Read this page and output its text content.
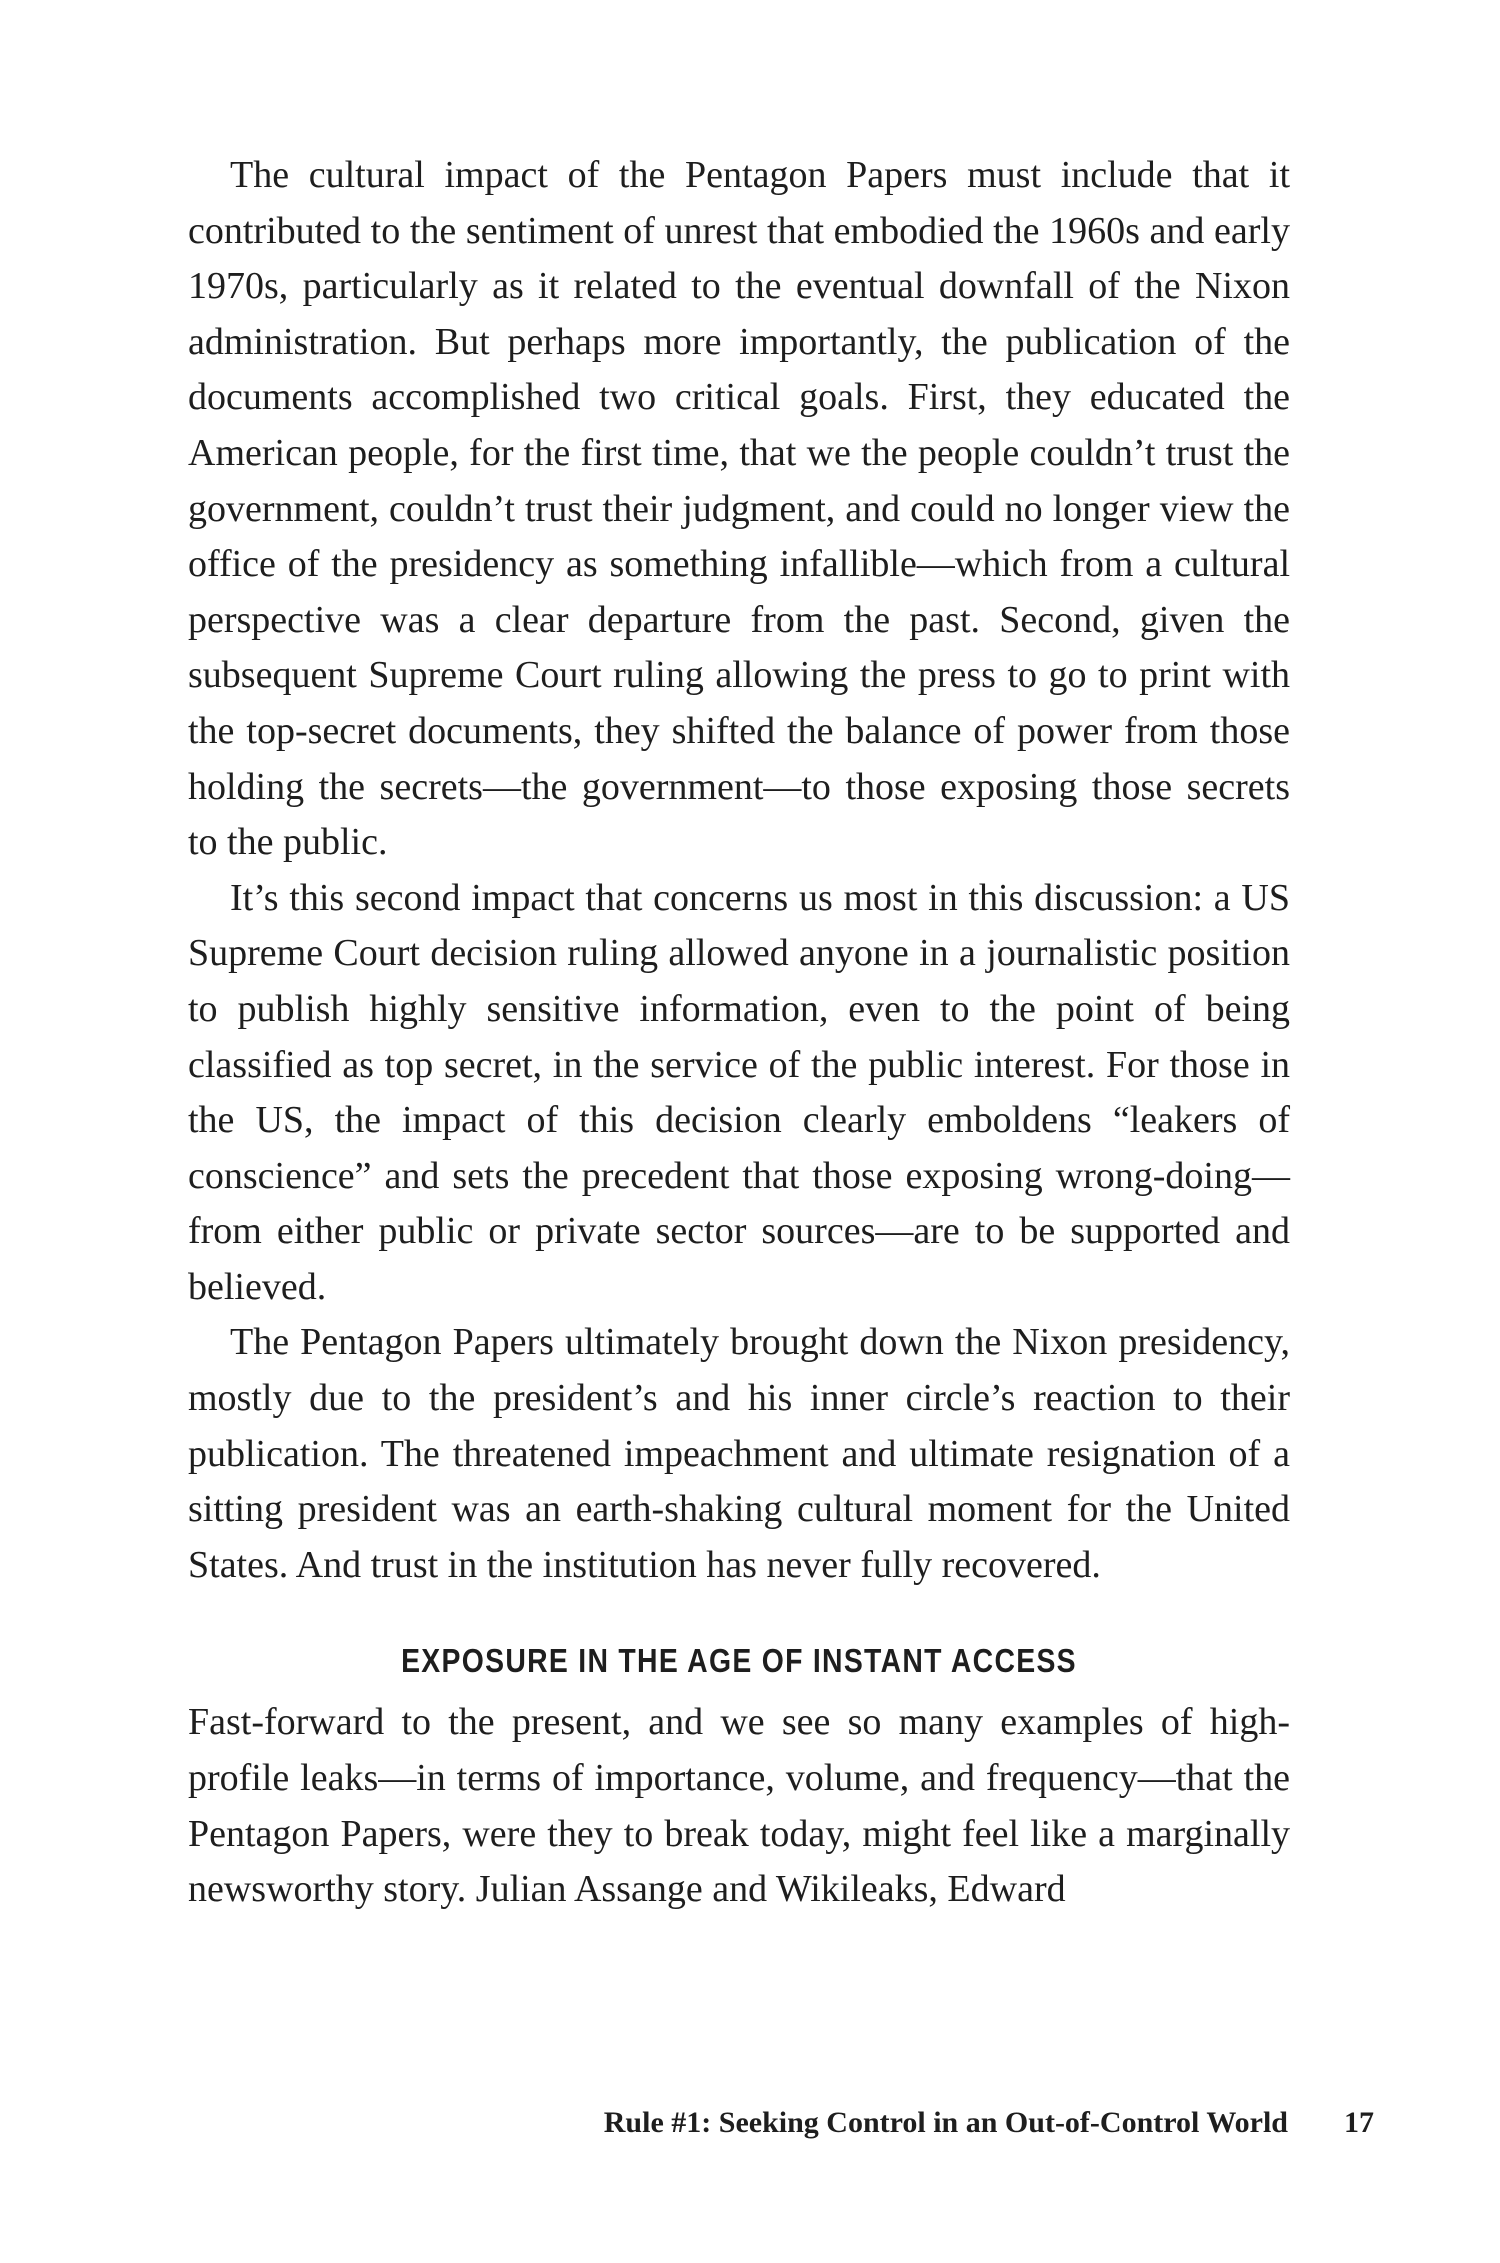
The cultural impact of the Pentagon Papers must include that it contributed to the sentiment of unrest that embodied the 1960s and early 1970s, particularly as it related to the eventual downfall of the Nixon administration. But perhaps more importantly, the publication of the documents accomplished two critical goals. First, they educated the American people, for the first time, that we the people couldn’t trust the government, couldn’t trust their judgment, and could no longer view the office of the presidency as something infallible—which from a cultural perspective was a clear departure from the past. Second, given the subsequent Supreme Court ruling allowing the press to go to print with the top-secret documents, they shifted the balance of power from those holding the secrets—the government—to those exposing those secrets to the public.

It’s this second impact that concerns us most in this discussion: a US Supreme Court decision ruling allowed anyone in a journalistic position to publish highly sensitive information, even to the point of being classified as top secret, in the service of the public interest. For those in the US, the impact of this decision clearly emboldens “leakers of conscience” and sets the precedent that those exposing wrong-doing—from either public or private sector sources—are to be supported and believed.

The Pentagon Papers ultimately brought down the Nixon presidency, mostly due to the president’s and his inner circle’s reaction to their publication. The threatened impeachment and ultimate resignation of a sitting president was an earth-shaking cultural moment for the United States. And trust in the institution has never fully recovered.

EXPOSURE IN THE AGE OF INSTANT ACCESS

Fast-forward to the present, and we see so many examples of high-profile leaks—in terms of importance, volume, and frequency—that the Pentagon Papers, were they to break today, might feel like a marginally newsworthy story. Julian Assange and Wikileaks, Edward

Rule #1: Seeking Control in an Out-of-Control World 17
